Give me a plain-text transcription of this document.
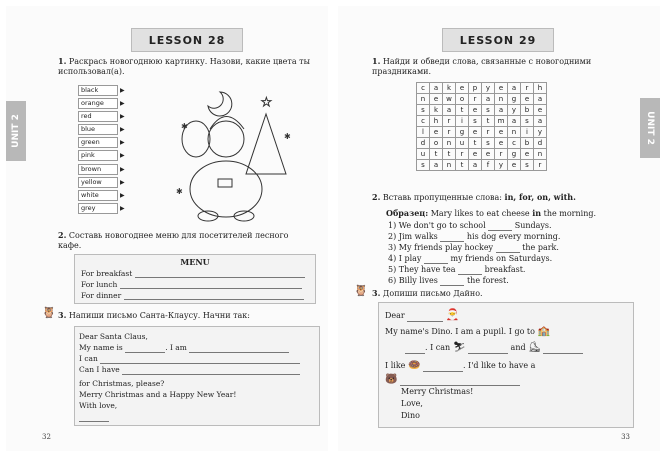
LESSON 28
UNIT 2
1. Раскрась новогоднюю картинку. Назови, какие цвета ты использовал(а).
black	▶
orange	▶
red	▶
blue	▶
green	▶
pink	▶
brown	▶
yellow	▶
white	▶
grey	▶
★
✱
✱
✱
2. Составь новогоднее меню для посетителей лесного кафе.
MENU
For breakfast
For lunch
For dinner
🦉 3. Напиши письмо Санта-Клаусу. Начни так:
Dear Santa Claus,
My name is	. I am
I can
Can I have
for Christmas, please?
Merry Christmas and a Happy New Year!
With love,
32
LESSON 29
UNIT 2
1. Найди и обведи слова, связанные с новогодними праздниками.
c	a	k	e	p	y	e	a	r	h
n	e	w	o	r	a	n	g	e	a
s	k	a	t	e	s	a	y	b	e
c	h	r	i	s	t	m	a	s	a
l	e	r	g	e	r	e	n	i	y
d	o	n	u	t	s	e	c	b	d
u	t	t	r	e	e	r	g	e	n
s	a	n	t	a	f	y	e	s	r
2. Вставь пропущенные слова: in, for, on, with.
Образец: Mary likes to eat cheese in the morning.
1) We don't go to school	Sundays.
2) Jim walks	his dog every morning.
3) My friends play hockey	the park.
4) I play	my friends on Saturdays.
5) They have tea	breakfast.
6) Billy lives	the forest.
🦉 3. Допиши письмо Дайно.
Dear	🎅
My name's Dino. I am a pupil. I go to 🏫
. I can ⛷	and ⛸
I like 🍩	. I'd like to have a
🐻
Merry Christmas!
Love,
Dino
33
